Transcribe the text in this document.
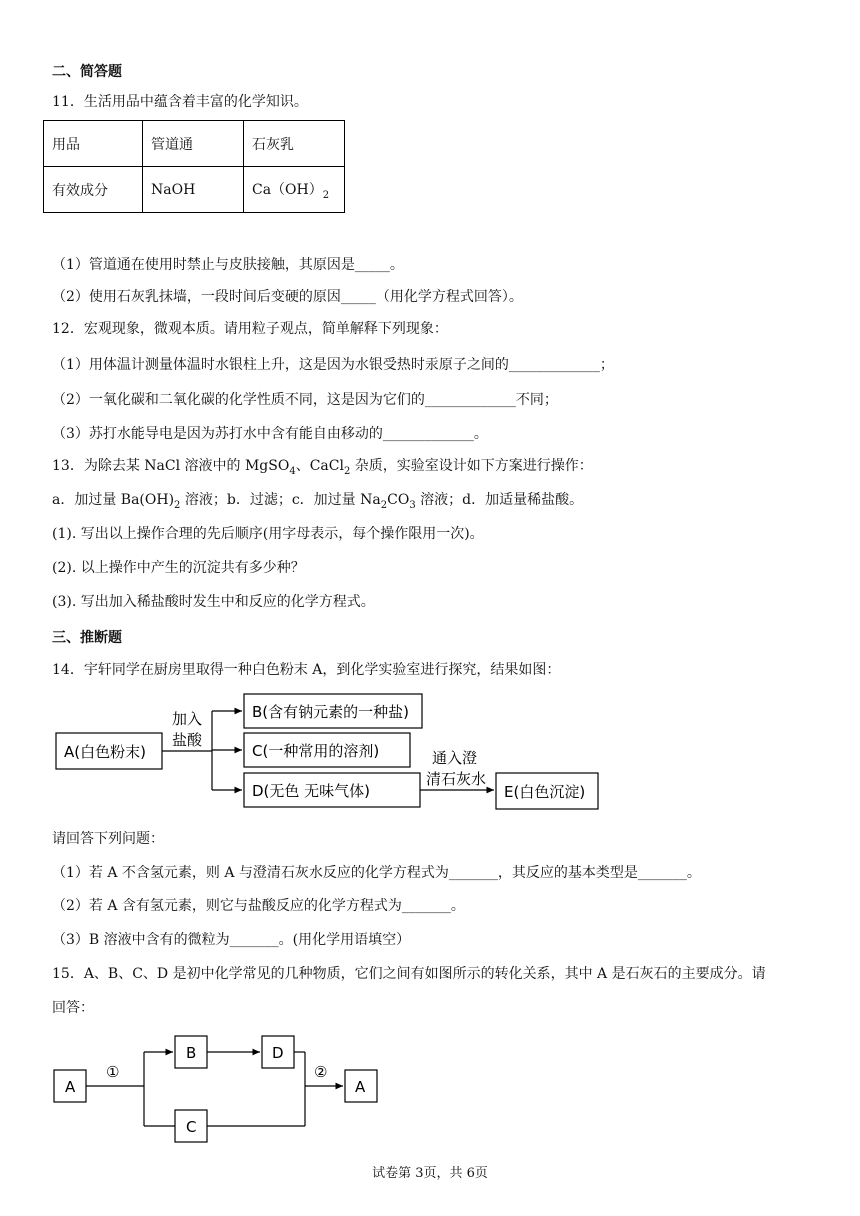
二、简答题
11．生活用品中蕴含着丰富的化学知识。
用品	管道通	石灰乳
有效成分	NaOH	$Ca(OH)_2$
（1）管道通在使用时禁止与皮肤接触，其原因是_____。
（2）使用石灰乳抹墙，一段时间后变硬的原因_____（用化学方程式回答）。
12．宏观现象，微观本质。请用粒子观点，简单解释下列现象：
（1）用体温计测量体温时水银柱上升，这是因为水银受热时汞原子之间的_____________；
（2）一氧化碳和二氧化碳的化学性质不同，这是因为它们的_____________不同；
（3）苏打水能导电是因为苏打水中含有能自由移动的_____________。
13．为除去某 NaCl 溶液中的 MgSO$_4$、CaCl$_2$ 杂质，实验室设计如下方案进行操作：
a．加过量 $Ba(OH)_2$ 溶液；b．过滤；c．加过量 $Na_2CO_3$ 溶液；d．加适量稀盐酸。
(1). 写出以上操作合理的先后顺序(用字母表示，每个操作限用一次)。
(2). 以上操作中产生的沉淀共有多少种？
(3). 写出加入稀盐酸时发生中和反应的化学方程式。
三、推断题
14．宇轩同学在厨房里取得一种白色粉末 A，到化学实验室进行探究，结果如图：
A(白色粉末)
加入
盐酸
B(含有钠元素的一种盐)
C(一种常用的溶剂)
D(无色 无味气体)
通入澄
清石灰水
E(白色沉淀)
A
①
B	D
②
A
C
请回答下列问题：
（1）若 A 不含氢元素，则 A 与澄清石灰水反应的化学方程式为_______，其反应的基本类型是_______。
（2）若 A 含有氢元素，则它与盐酸反应的化学方程式为_______。
（3）B 溶液中含有的微粒为_______。(用化学用语填空）
15．A、B、C、D 是初中化学常见的几种物质，它们之间有如图所示的转化关系，其中 A 是石灰石的主要成分。请
回答：
试卷第 3页，共 6页
